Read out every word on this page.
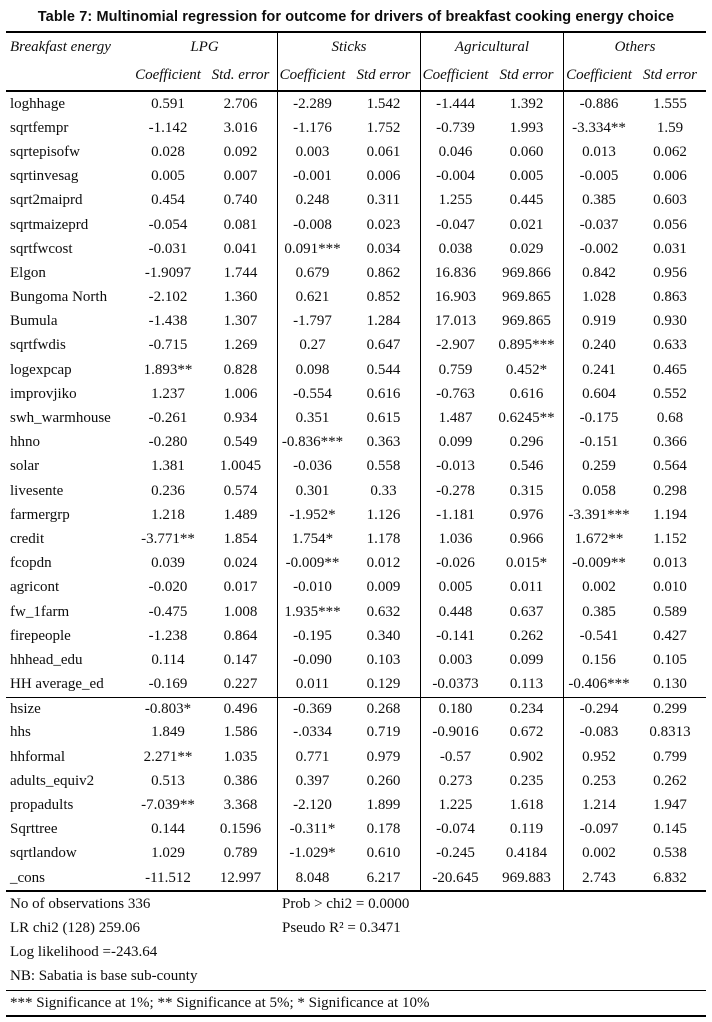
Table 7: Multinomial regression for outcome for drivers of breakfast cooking energy choice
Breakfast energy	LPG	Sticks	Agricultural	Others
Coefficient Std. error Coefficient Std error Coefficient Std error Coefficient Std error
loghhage	0.591	2.706	-2.289	1.542	-1.444	1.392	-0.886	1.555
sqrtfempr	-1.142	3.016	-1.176	1.752	-0.739	1.993	-3.334**	1.59
sqrtepisofw	0.028	0.092	0.003	0.061	0.046	0.060	0.013	0.062
sqrtinvesag	0.005	0.007	-0.001	0.006	-0.004	0.005	-0.005	0.006
sqrt2maiprd	0.454	0.740	0.248	0.311	1.255	0.445	0.385	0.603
sqrtmaizeprd	-0.054	0.081	-0.008	0.023	-0.047	0.021	-0.037	0.056
sqrtfwcost	-0.031	0.041	0.091***	0.034	0.038	0.029	-0.002	0.031
Elgon	-1.9097	1.744	0.679	0.862	16.836	969.866	0.842	0.956
Bungoma North	-2.102	1.360	0.621	0.852	16.903	969.865	1.028	0.863
Bumula	-1.438	1.307	-1.797	1.284	17.013	969.865	0.919	0.930
sqrtfwdis	-0.715	1.269	0.27	0.647	-2.907	0.895***	0.240	0.633
logexpcap	1.893**	0.828	0.098	0.544	0.759	0.452*	0.241	0.465
improvjiko	1.237	1.006	-0.554	0.616	-0.763	0.616	0.604	0.552
swh_warmhouse	-0.261	0.934	0.351	0.615	1.487	0.6245**	-0.175	0.68
hhno	-0.280	0.549	-0.836***	0.363	0.099	0.296	-0.151	0.366
solar	1.381	1.0045	-0.036	0.558	-0.013	0.546	0.259	0.564
livesente	0.236	0.574	0.301	0.33	-0.278	0.315	0.058	0.298
farmergrp	1.218	1.489	-1.952*	1.126	-1.181	0.976	-3.391***	1.194
credit	-3.771**	1.854	1.754*	1.178	1.036	0.966	1.672**	1.152
fcopdn	0.039	0.024	-0.009**	0.012	-0.026	0.015*	-0.009**	0.013
agricont	-0.020	0.017	-0.010	0.009	0.005	0.011	0.002	0.010
fw_1farm	-0.475	1.008	1.935***	0.632	0.448	0.637	0.385	0.589
firepeople	-1.238	0.864	-0.195	0.340	-0.141	0.262	-0.541	0.427
hhhead_edu	0.114	0.147	-0.090	0.103	0.003	0.099	0.156	0.105
HH average_ed	-0.169	0.227	0.011	0.129	-0.0373	0.113	-0.406***	0.130
hsize	-0.803*	0.496	-0.369	0.268	0.180	0.234	-0.294	0.299
hhs	1.849	1.586	-.0334	0.719	-0.9016	0.672	-0.083	0.8313
hhformal	2.271**	1.035	0.771	0.979	-0.57	0.902	0.952	0.799
adults_equiv2	0.513	0.386	0.397	0.260	0.273	0.235	0.253	0.262
propadults	-7.039**	3.368	-2.120	1.899	1.225	1.618	1.214	1.947
Sqrttree	0.144	0.1596	-0.311*	0.178	-0.074	0.119	-0.097	0.145
sqrtlandow	1.029	0.789	-1.029*	0.610	-0.245	0.4184	0.002	0.538
_cons	-11.512	12.997	8.048	6.217	-20.645	969.883	2.743	6.832
No of observations 336	Prob > chi2 = 0.0000
LR chi2 (128) 259.06	Pseudo R² = 0.3471
Log likelihood =-243.64
NB: Sabatia is base sub-county
*** Significance at 1%; ** Significance at 5%; * Significance at 10%
